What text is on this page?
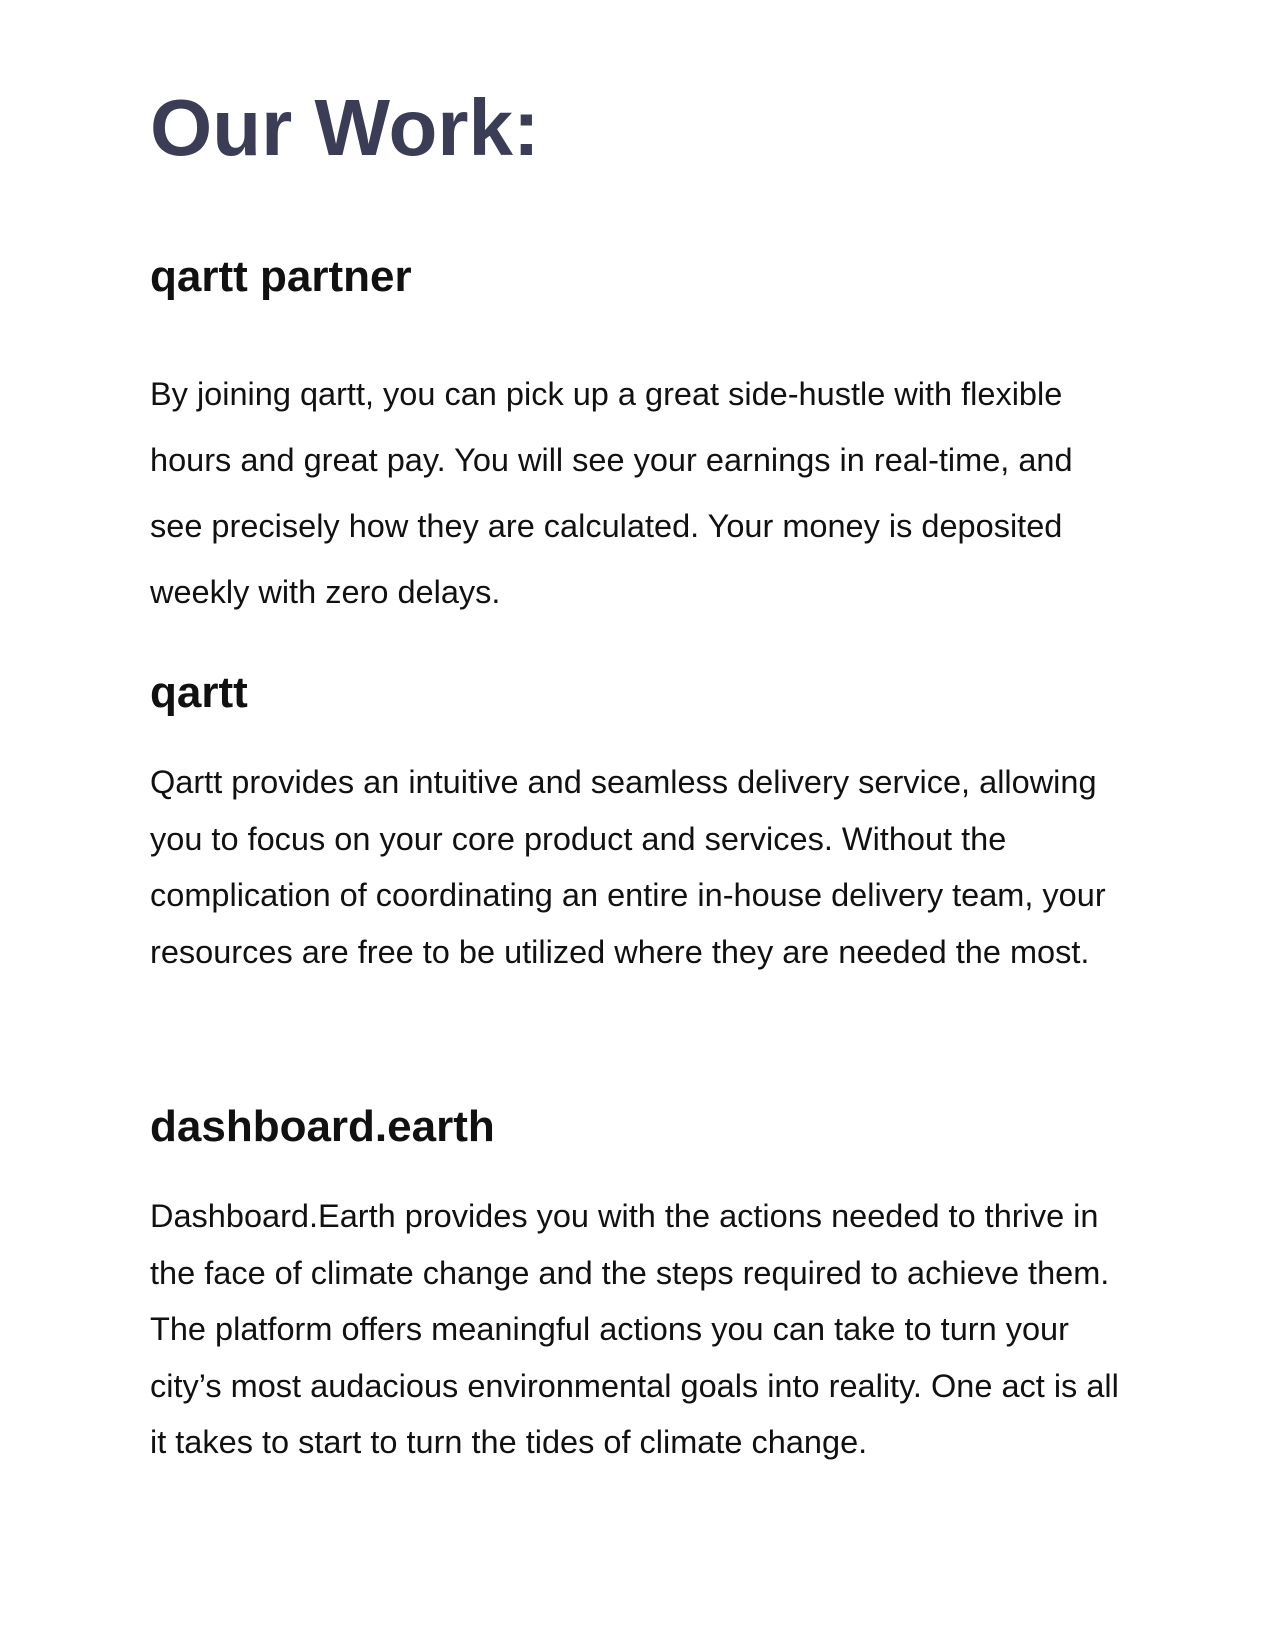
Our Work:
qartt partner

By joining qartt, you can pick up a great side-hustle with flexible hours and great pay. You will see your earnings in real-time, and see precisely how they are calculated. Your money is deposited weekly with zero delays.

qartt

Qartt provides an intuitive and seamless delivery service, allowing you to focus on your core product and services. Without the complication of coordinating an entire in-house delivery team, your resources are free to be utilized where they are needed the most.

dashboard.earth

Dashboard.Earth provides you with the actions needed to thrive in the face of climate change and the steps required to achieve them. The platform offers meaningful actions you can take to turn your city’s most audacious environmental goals into reality. One act is all it takes to start to turn the tides of climate change.
